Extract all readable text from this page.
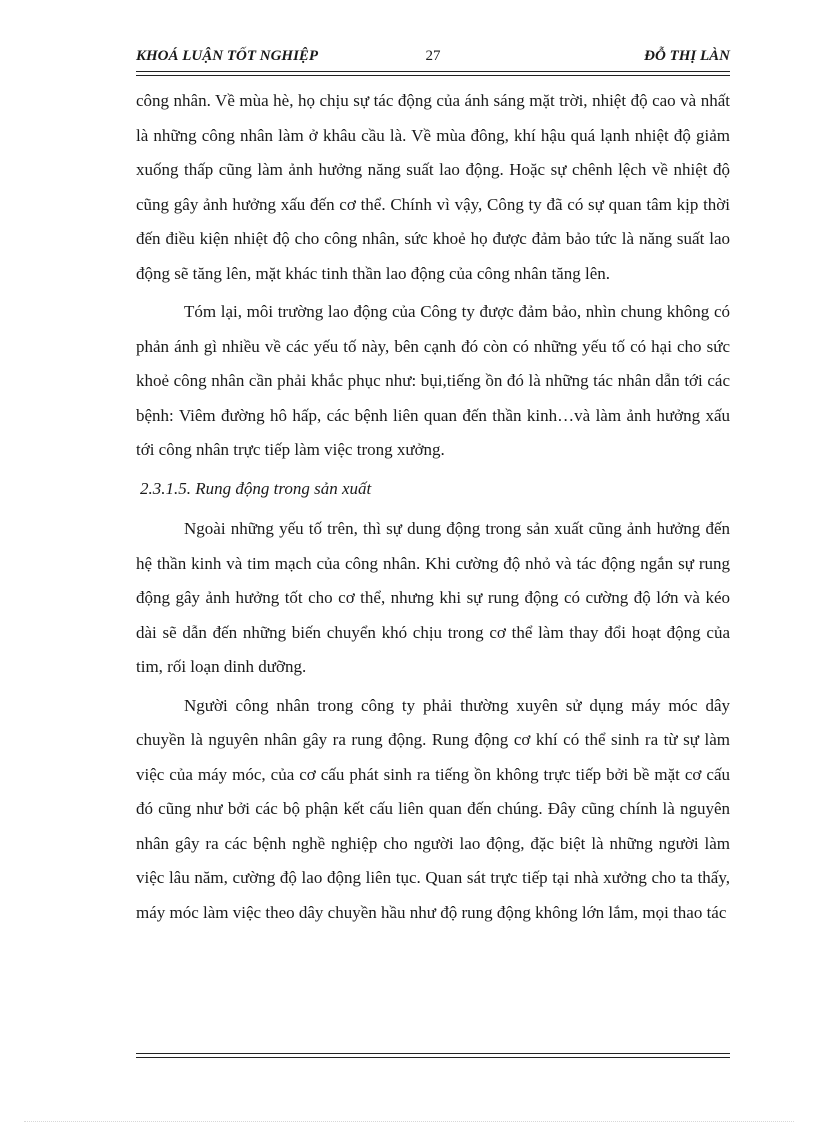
KHOÁ LUẬN TỐT NGHIỆP	27	ĐỖ THỊ LÀN

công nhân. Về mùa hè, họ chịu sự tác động của ánh sáng mặt trời, nhiệt độ cao và nhất là những công nhân làm ở khâu cầu là. Về mùa đông, khí hậu quá lạnh nhiệt độ giảm xuống thấp cũng làm ảnh hưởng năng suất lao động. Hoặc sự chênh lệch về nhiệt độ cũng gây ảnh hưởng xấu đến cơ thể. Chính vì vậy, Công ty đã có sự quan tâm kịp thời đến điều kiện nhiệt độ cho công nhân, sức khoẻ họ được đảm bảo tức là năng suất lao động sẽ tăng lên, mặt khác tinh thần lao động của công nhân tăng lên.

Tóm lại, môi trường lao động của Công ty được đảm bảo, nhìn chung không có phản ánh gì nhiều về các yếu tố này, bên cạnh đó còn có những yếu tố có hại cho sức khoẻ công nhân cần phải khắc phục như: bụi,tiếng ồn đó là những tác nhân dẫn tới các bệnh: Viêm đường hô hấp, các bệnh liên quan đến thần kinh…và làm ảnh hưởng xấu tới công nhân trực tiếp làm việc trong xưởng.

2.3.1.5. Rung động trong sản xuất

Ngoài những yếu tố trên, thì sự dung động trong sản xuất cũng ảnh hưởng đến hệ thần kinh và tim mạch của công nhân. Khi cường độ nhỏ và tác động ngắn sự rung động gây ảnh hưởng tốt cho cơ thể, nhưng khi sự rung động có cường độ lớn và kéo dài sẽ dẫn đến những biến chuyển khó chịu trong cơ thể làm thay đổi hoạt động của tim, rối loạn dinh dưỡng.

Người công nhân trong công ty phải thường xuyên sử dụng máy móc dây chuyền là nguyên nhân gây ra rung động. Rung động cơ khí có thể sinh ra từ sự làm việc của máy móc, của cơ cấu phát sinh ra tiếng ồn không trực tiếp bởi bề mặt cơ cấu đó cũng như bởi các bộ phận kết cấu liên quan đến chúng. Đây cũng chính là nguyên nhân gây ra các bệnh nghề nghiệp cho người lao động, đặc biệt là những người làm việc lâu năm, cường độ lao động liên tục. Quan sát trực tiếp tại nhà xưởng cho ta thấy, máy móc làm việc theo dây chuyền hầu như độ rung động không lớn lắm, mọi thao tác
